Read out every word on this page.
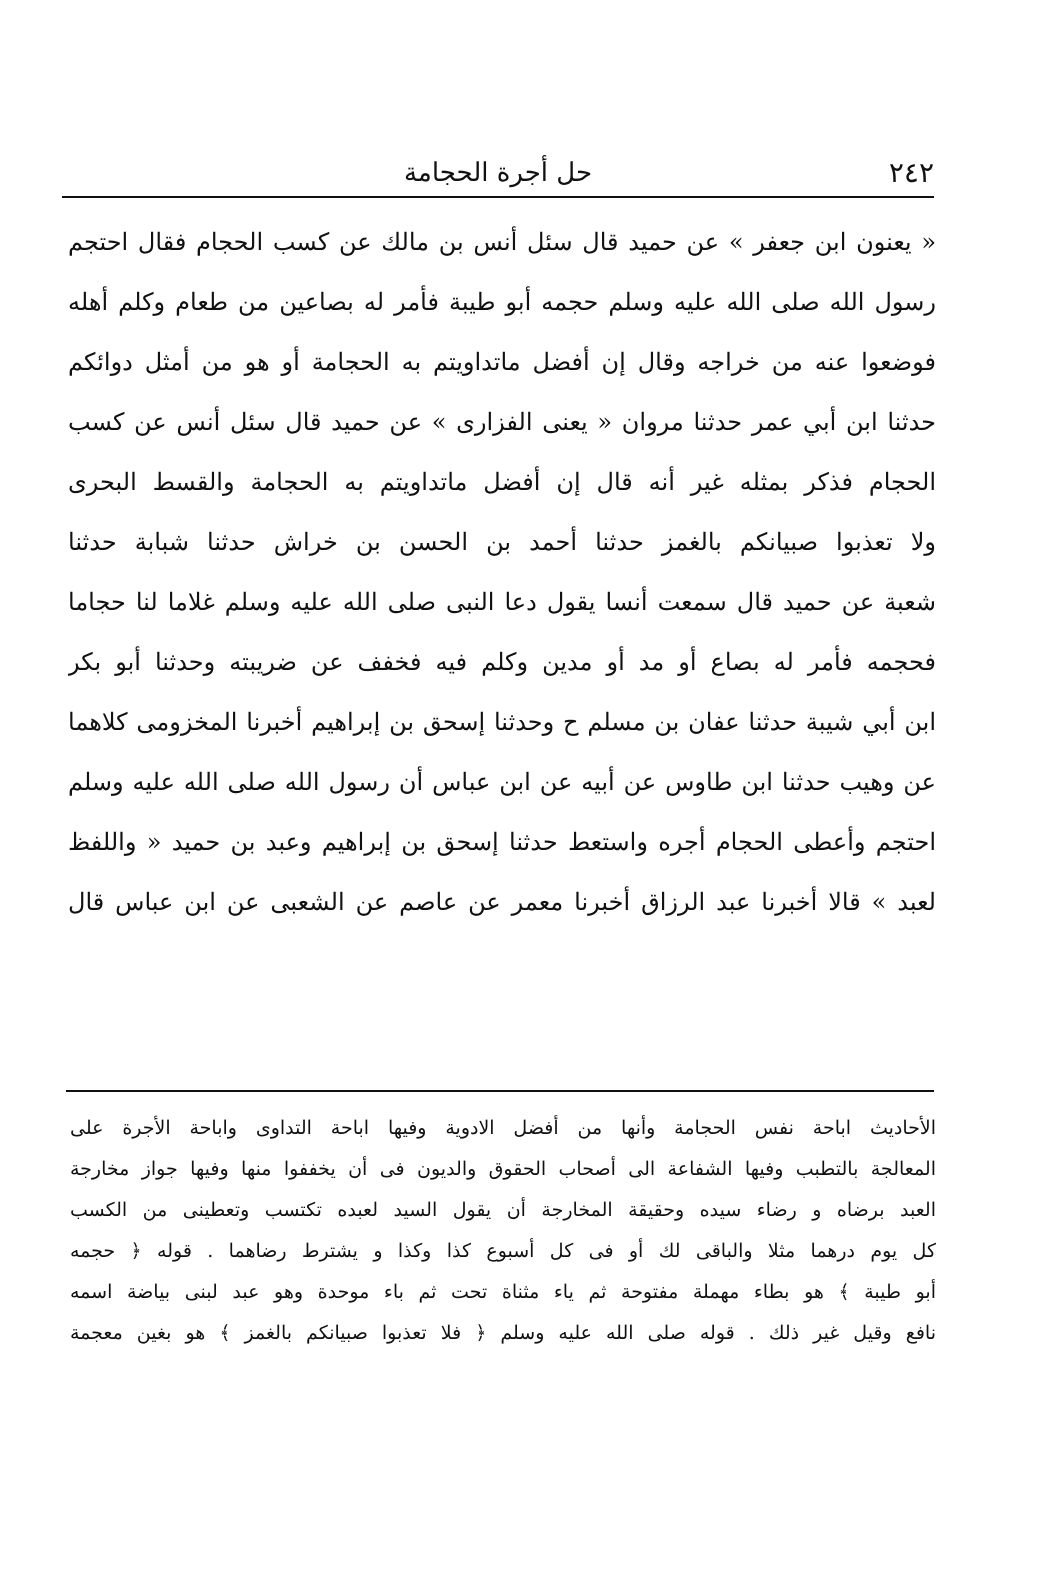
٢٤٢
حل أجرة الحجامة
« يعنون ابن جعفر » عن حميد قال سئل أنس بن مالك عن كسب الحجام فقال احتجم
رسول الله صلى الله عليه وسلم حجمه أبو طيبة فأمر له بصاعين من طعام وكلم أهله
فوضعوا عنه من خراجه وقال إن أفضل ماتداويتم به الحجامة أو هو من أمثل دوائكم
حدثنا ابن أبي عمر حدثنا مروان « يعنى الفزارى » عن حميد قال سئل أنس عن كسب
الحجام فذكر بمثله غير أنه قال إن أفضل ماتداويتم به الحجامة والقسط البحرى
ولا تعذبوا صبيانكم بالغمز حدثنا أحمد بن الحسن بن خراش حدثنا شبابة حدثنا
شعبة عن حميد قال سمعت أنسا يقول دعا النبى صلى الله عليه وسلم غلاما لنا حجاما
فحجمه فأمر له بصاع أو مد أو مدين وكلم فيه فخفف عن ضريبته وحدثنا أبو بكر
ابن أبي شيبة حدثنا عفان بن مسلم ح وحدثنا إسحق بن إبراهيم أخبرنا المخزومى كلاهما
عن وهيب حدثنا ابن طاوس عن أبيه عن ابن عباس أن رسول الله صلى الله عليه وسلم
احتجم وأعطى الحجام أجره واستعط حدثنا إسحق بن إبراهيم وعبد بن حميد « واللفظ
لعبد » قالا أخبرنا عبد الرزاق أخبرنا معمر عن عاصم عن الشعبى عن ابن عباس قال
الأحاديث اباحة نفس الحجامة وأنها من أفضل الادوية وفيها اباحة التداوى واباحة الأجرة على
المعالجة بالتطبب وفيها الشفاعة الى أصحاب الحقوق والديون فى أن يخففوا منها وفيها جواز مخارجة
العبد برضاه و رضاء سيده وحقيقة المخارجة أن يقول السيد لعبده تكتسب وتعطينى من الكسب
كل يوم درهما مثلا والباقى لك أو فى كل أسبوع كذا وكذا و يشترط رضاهما . قوله ﴿ حجمه
أبو طيبة ﴾ هو بطاء مهملة مفتوحة ثم ياء مثناة تحت ثم باء موحدة وهو عبد لبنى بياضة اسمه
نافع وقيل غير ذلك . قوله صلى الله عليه وسلم ﴿ فلا تعذبوا صبيانكم بالغمز ﴾ هو بغين معجمة
